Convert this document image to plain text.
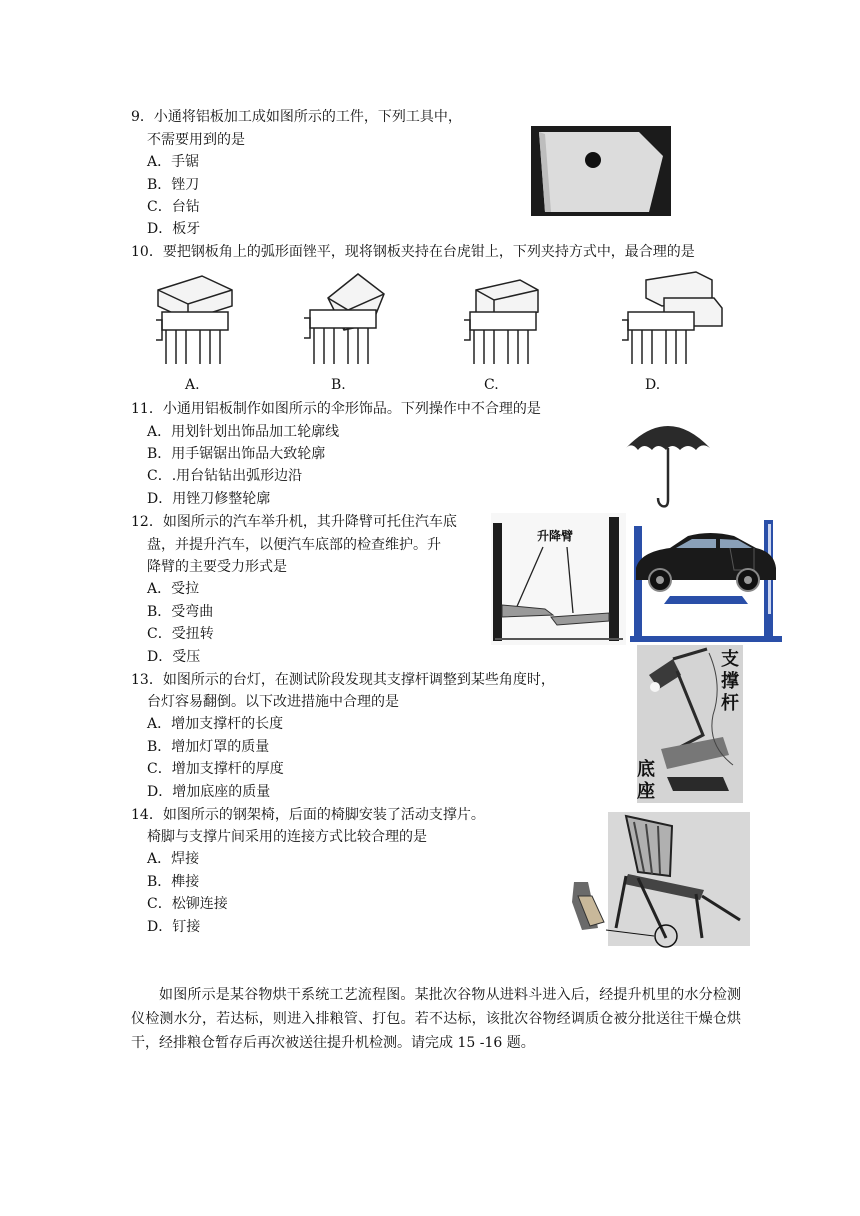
9．小通将铝板加工成如图所示的工件，下列工具中，
不需要用到的是
A．手锯
B．锉刀
C．台钻
D．板牙
10．要把钢板角上的弧形面锉平，现将钢板夹持在台虎钳上，下列夹持方式中，最合理的是
A.	B.	C.	D.
11．小通用铝板制作如图所示的伞形饰品。下列操作中不合理的是
A．用划针划出饰品加工轮廓线
B．用手锯锯出饰品大致轮廓
C．.用台钻钻出弧形边沿
D．用锉刀修整轮廓
12．如图所示的汽车举升机，其升降臂可托住汽车底
盘，并提升汽车，以便汽车底部的检查维护。升
降臂的主要受力形式是
A．受拉
B．受弯曲
C．受扭转
D．受压
升降臂
13．如图所示的台灯，在测试阶段发现其支撑杆调整到某些角度时，
台灯容易翻倒。以下改进措施中合理的是
A．增加支撑杆的长度
B．增加灯罩的质量
C．增加支撑杆的厚度
D．增加底座的质量
支
撑
杆
底
座
14．如图所示的钢架椅，后面的椅脚安装了活动支撑片。
椅脚与支撑片间采用的连接方式比较合理的是
A．焊接
B．榫接
C．松铆连接
D．钉接

如图所示是某谷物烘干系统工艺流程图。某批次谷物从进料斗进入后，经提升机里的水分检测仪检测水分，若达标，则进入排粮管、打包。若不达标，该批次谷物经调质仓被分批送往干燥仓烘干，经排粮仓暂存后再次被送往提升机检测。请完成 15 -16 题。
